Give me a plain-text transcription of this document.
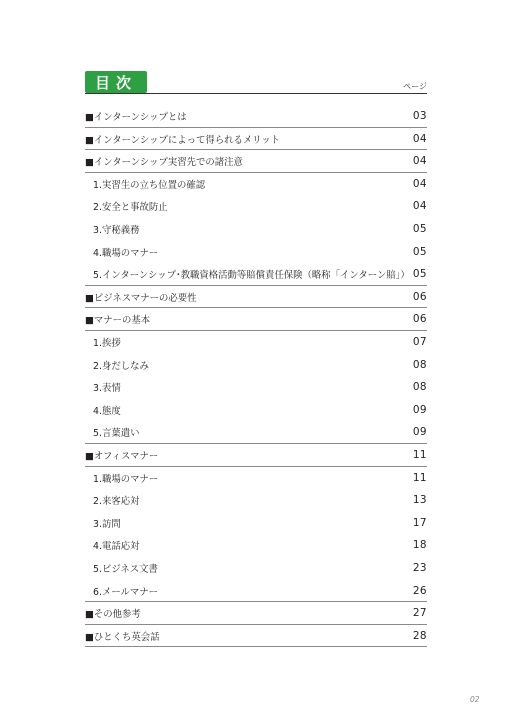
目次	ページ
■インターンシップとは	03
■インターンシップによって得られるメリット	04
■インターンシップ実習先での諸注意	04
1.実習生の立ち位置の確認	04
2.安全と事故防止	04
3.守秘義務	05
4.職場のマナー	05
5.インターンシップ･教職資格活動等賠償責任保険（略称「インターン賠」） 05
■ビジネスマナーの必要性	06
■マナーの基本	06
1.挨拶	07
2.身だしなみ	08
3.表情	08
4.態度	09
5.言葉遣い	09
■オフィスマナー	11
1.職場のマナー	11
2.来客応対	13
3.訪問	17
4.電話応対	18
5.ビジネス文書	23
6.メールマナー	26
■その他参考	27
■ひとくち英会話	28
02
